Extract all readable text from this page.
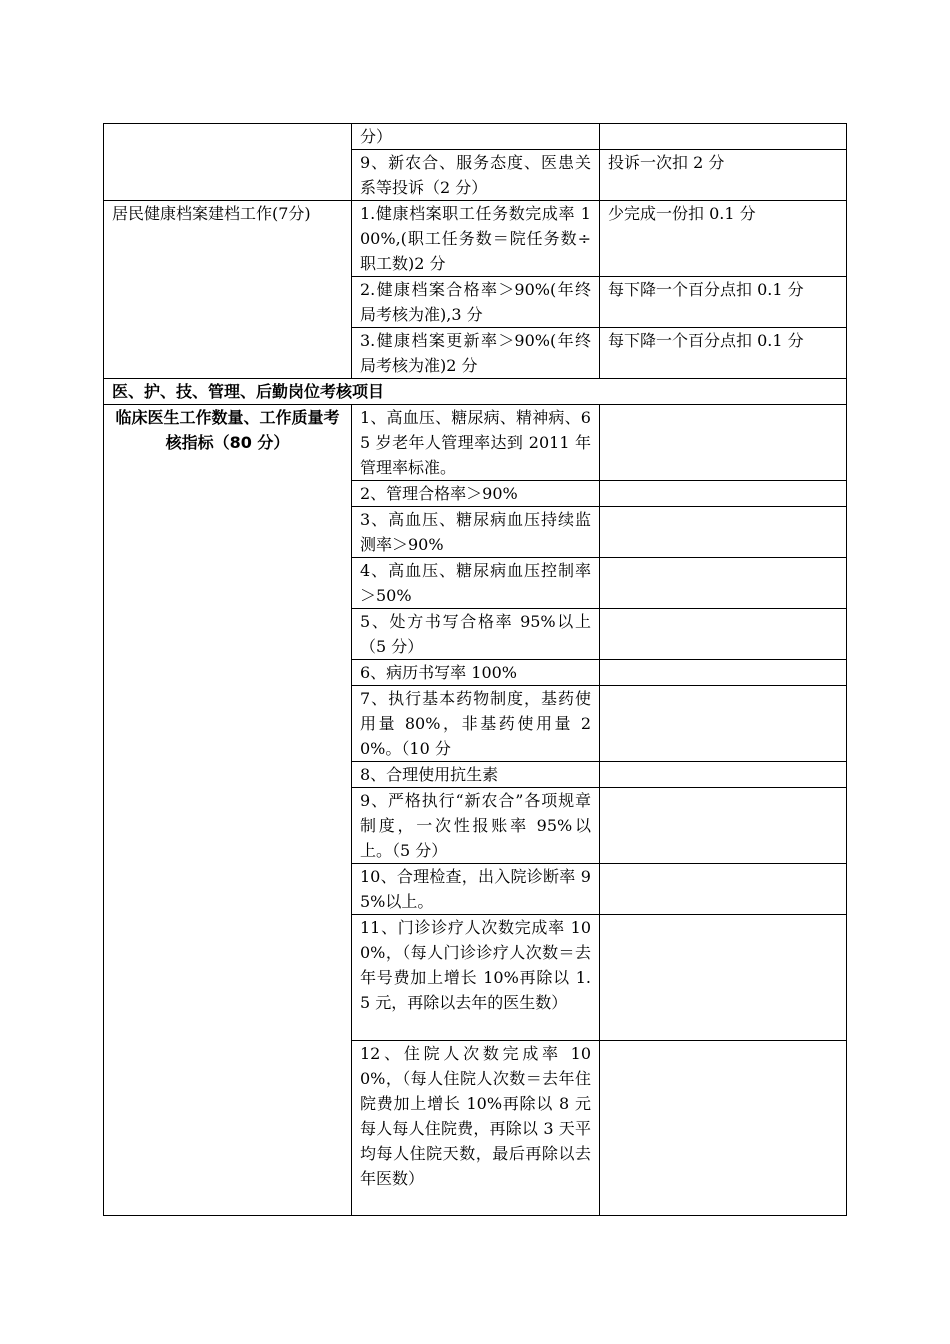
	分）	
	9、新农合、服务态度、医患关系等投诉（2 分）	投诉一次扣 2 分
居民健康档案建档工作(7分)	1.健康档案职工任务数完成率 100%,(职工任务数＝院任务数÷职工数)2 分	少完成一份扣 0.1 分
	2.健康档案合格率＞90%(年终局考核为准),3 分	每下降一个百分点扣 0.1 分
	3.健康档案更新率＞90%(年终局考核为准)2 分	每下降一个百分点扣 0.1 分
医、护、技、管理、后勤岗位考核项目		
临床医生工作数量、工作质量考核指标（80 分）	1、高血压、糖尿病、精神病、65 岁老年人管理率达到 2011 年管理率标准。	
	2、管理合格率＞90%	
	3、高血压、糖尿病血压持续监测率＞90%	
	4、高血压、糖尿病血压控制率＞50%	
	5、处方书写合格率 95%以上（5 分）	
	6、病历书写率 100%	
	7、执行基本药物制度，基药使用量 80%，非基药使用量 20%。（10 分	
	8、合理使用抗生素	
	9、严格执行“新农合”各项规章制度，一次性报账率 95%以上。（5 分）	
	10、合理检查，出入院诊断率 95%以上。	
	11、门诊诊疗人次数完成率 100%，（每人门诊诊疗人次数＝去年号费加上增长 10%再除以 1.5 元，再除以去年的医生数）	
	12、住院人次数完成率 100%，（每人住院人次数＝去年住院费加上增长 10%再除以 8 元每人每人住院费，再除以 3 天平均每人住院天数，最后再除以去年医数）	
